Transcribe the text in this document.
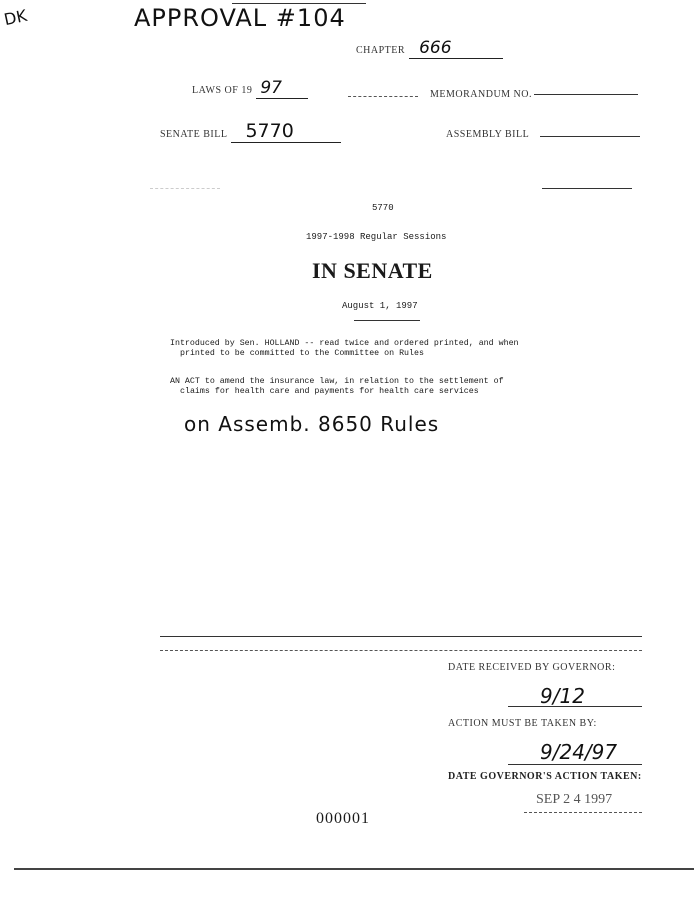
DK	APPROVAL #104
CHAPTER 666
LAWS OF 19 97	MEMORANDUM NO.
SENATE BILL 5770	ASSEMBLY BILL
5770
1997-1998 Regular Sessions
IN SENATE
August 1, 1997
Introduced by Sen. HOLLAND -- read twice and ordered printed, and when
printed to be committed to the Committee on Rules
AN ACT to amend the insurance law, in relation to the settlement of
claims for health care and payments for health care services
on Assemb. 8650 Rules
DATE RECEIVED BY GOVERNOR:
9/12
ACTION MUST BE TAKEN BY:
9/24/97
DATE GOVERNOR'S ACTION TAKEN:
SEP 2 4 1997
000001
